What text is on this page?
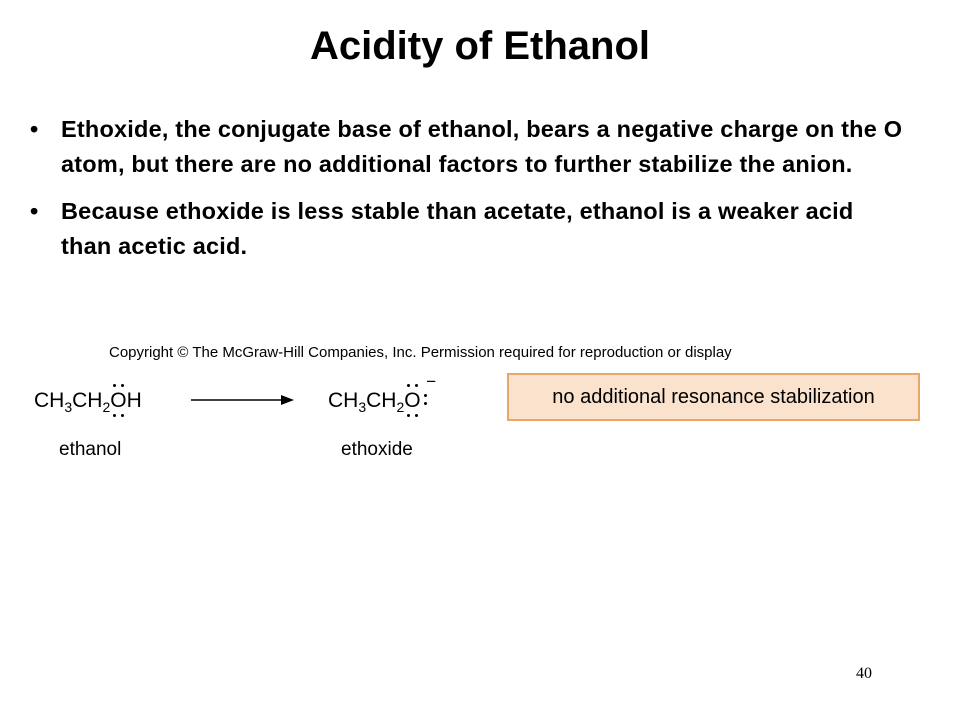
Acidity of Ethanol
• Ethoxide, the conjugate base of ethanol, bears a negative charge on the O atom, but there are no additional factors to further stabilize the anion.
• Because ethoxide is less stable than acetate, ethanol is a weaker acid than acetic acid.
Copyright © The McGraw-Hill Companies, Inc. Permission required for reproduction or display
$CH_3CH_2$
OH
ethanol
$CH_3CH_2$
O
−
ethoxide
no additional resonance stabilization
40
